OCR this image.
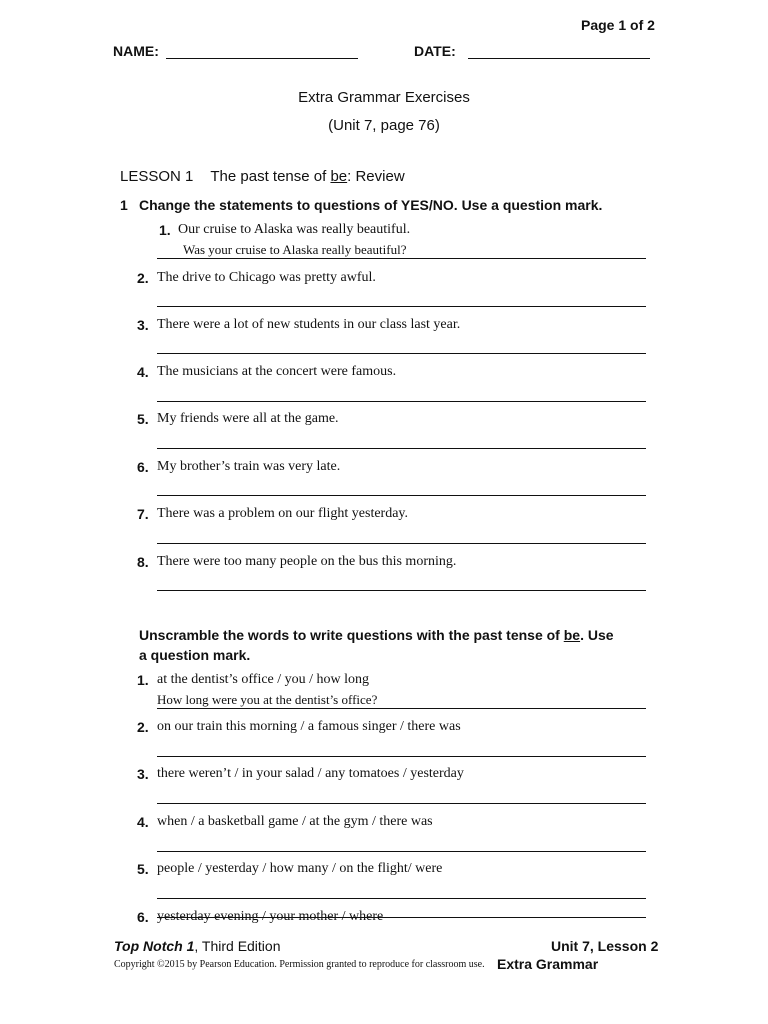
Page 1 of 2
NAME:	DATE:
Extra Grammar Exercises
(Unit 7, page 76)
LESSON 1 The past tense of be: Review
1 Change the statements to questions of YES/NO. Use a question mark.
1. Our cruise to Alaska was really beautiful.
Was your cruise to Alaska really beautiful?
2. The drive to Chicago was pretty awful.
3. There were a lot of new students in our class last year.
4. The musicians at the concert were famous.
5. My friends were all at the game.
6. My brother’s train was very late.
7. There was a problem on our flight yesterday.
8. There were too many people on the bus this morning.
Unscramble the words to write questions with the past tense of be. Use
a question mark.
1. at the dentist’s office / you / how long
How long were you at the dentist’s office?
2. on our train this morning / a famous singer / there was
3. there weren’t / in your salad / any tomatoes / yesterday
4. when / a basketball game / at the gym / there was
5. people / yesterday / how many / on the flight/ were
6. yesterday evening / your mother / where
Top Notch 1, Third Edition	Unit 7, Lesson 2
Copyright ©2015 by Pearson Education. Permission granted to reproduce for classroom use. Extra Grammar
